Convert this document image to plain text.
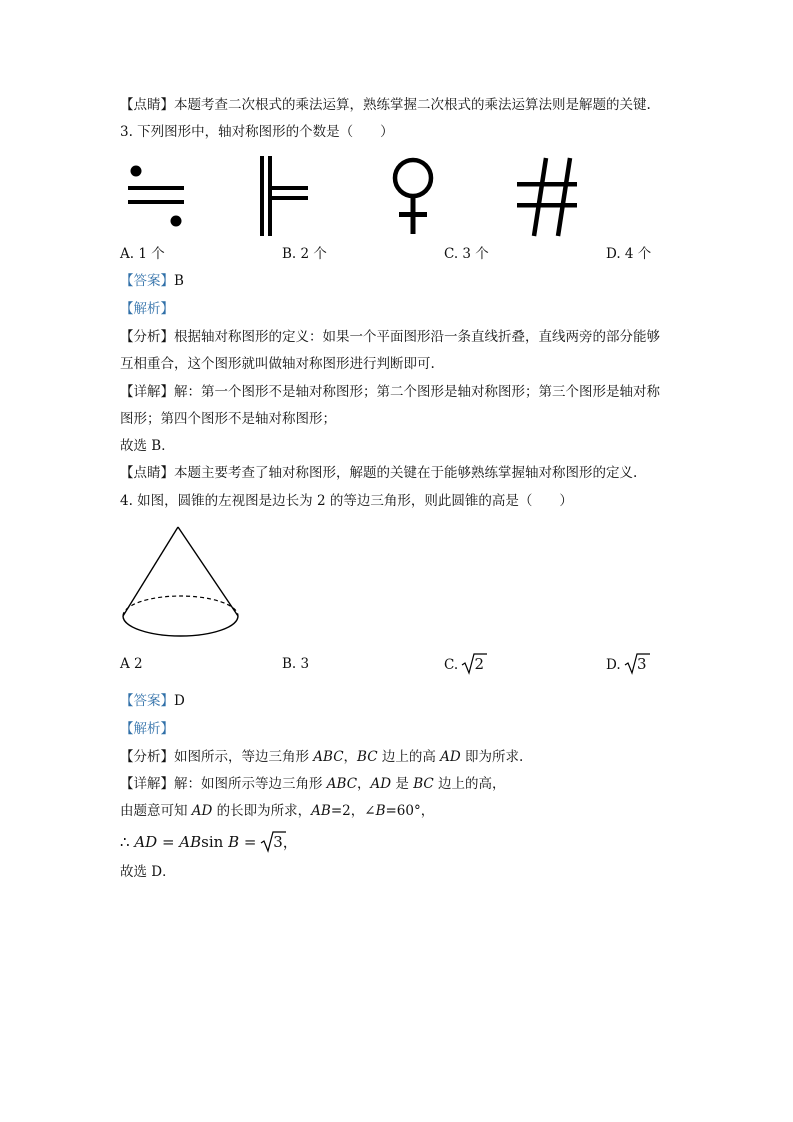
【点睛】本题考查二次根式的乘法运算，熟练掌握二次根式的乘法运算法则是解题的关键.
3. 下列图形中，轴对称图形的个数是（　　）
A. 1 个	B. 2 个	C. 3 个	D. 4 个
【答案】B
【解析】
【分析】根据轴对称图形的定义：如果一个平面图形沿一条直线折叠，直线两旁的部分能够
互相重合，这个图形就叫做轴对称图形进行判断即可.
【详解】解：第一个图形不是轴对称图形；第二个图形是轴对称图形；第三个图形是轴对称
图形；第四个图形不是轴对称图形；
故选 B．
【点睛】本题主要考查了轴对称图形，解题的关键在于能够熟练掌握轴对称图形的定义.
4. 如图，圆锥的左视图是边长为 2 的等边三角形，则此圆锥的高是（　　）
A 2	B. 3	C. 2	D. 3
【答案】D
【解析】
【分析】如图所示，等边三角形 ABC，BC 边上的高 AD 即为所求.
【详解】解：如图所示等边三角形 ABC，AD 是 BC 边上的高，
由题意可知 AD 的长即为所求，AB=2，∠B=60°，
∴ AD = ABsin B =
3，
故选 D．
